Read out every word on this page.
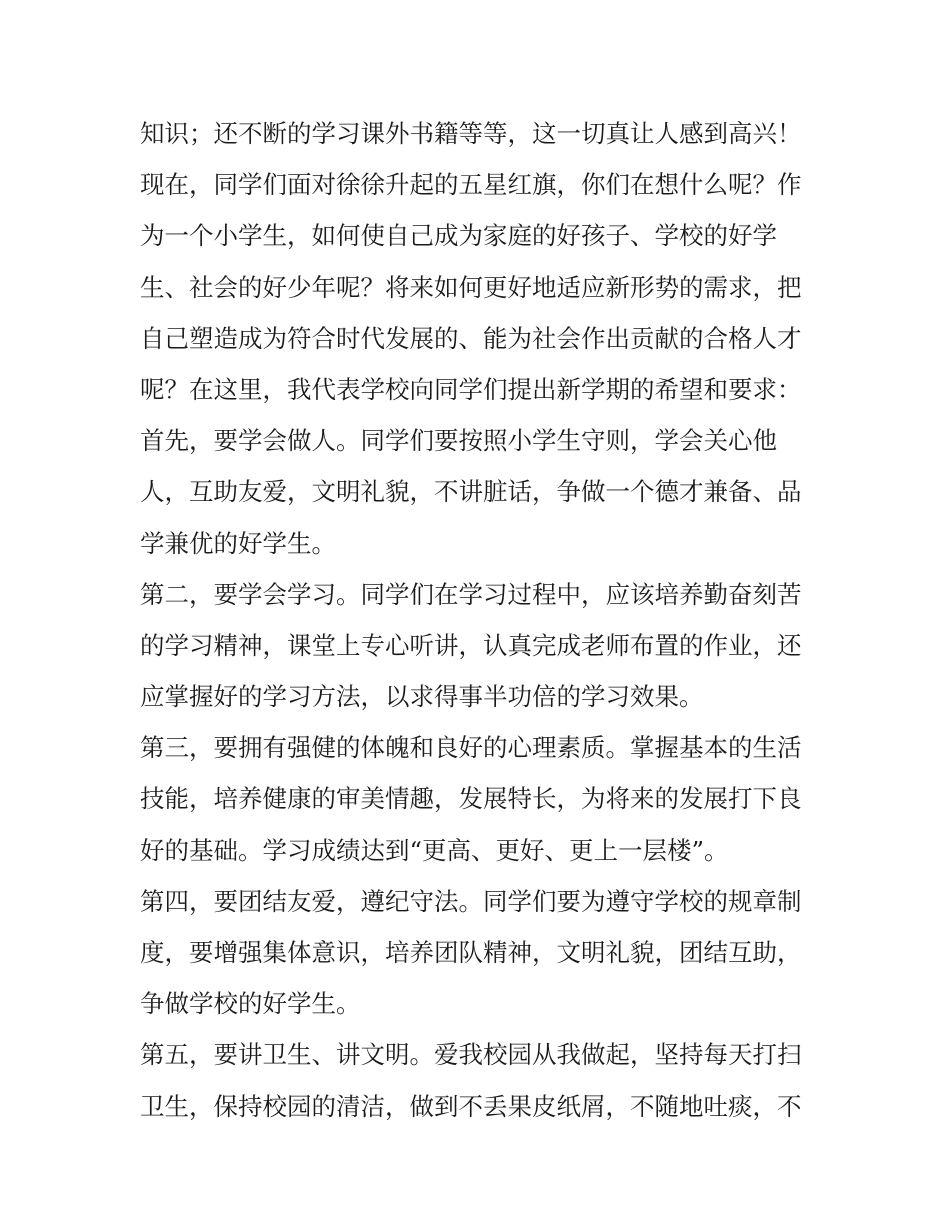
知识；还不断的学习课外书籍等等，这一切真让人感到高兴！
现在，同学们面对徐徐升起的五星红旗，你们在想什么呢？作
为一个小学生，如何使自己成为家庭的好孩子、学校的好学
生、社会的好少年呢？将来如何更好地适应新形势的需求，把
自己塑造成为符合时代发展的、能为社会作出贡献的合格人才
呢？在这里，我代表学校向同学们提出新学期的希望和要求：
首先，要学会做人。同学们要按照小学生守则，学会关心他
人，互助友爱，文明礼貌，不讲脏话，争做一个德才兼备、品
学兼优的好学生。
第二，要学会学习。同学们在学习过程中，应该培养勤奋刻苦
的学习精神，课堂上专心听讲，认真完成老师布置的作业，还
应掌握好的学习方法，以求得事半功倍的学习效果。
第三，要拥有强健的体魄和良好的心理素质。掌握基本的生活
技能，培养健康的审美情趣，发展特长，为将来的发展打下良
好的基础。学习成绩达到“更高、更好、更上一层楼”。
第四，要团结友爱，遵纪守法。同学们要为遵守学校的规章制
度，要增强集体意识，培养团队精神，文明礼貌，团结互助，
争做学校的好学生。
第五，要讲卫生、讲文明。爱我校园从我做起，坚持每天打扫
卫生，保持校园的清洁，做到不丢果皮纸屑，不随地吐痰，不
